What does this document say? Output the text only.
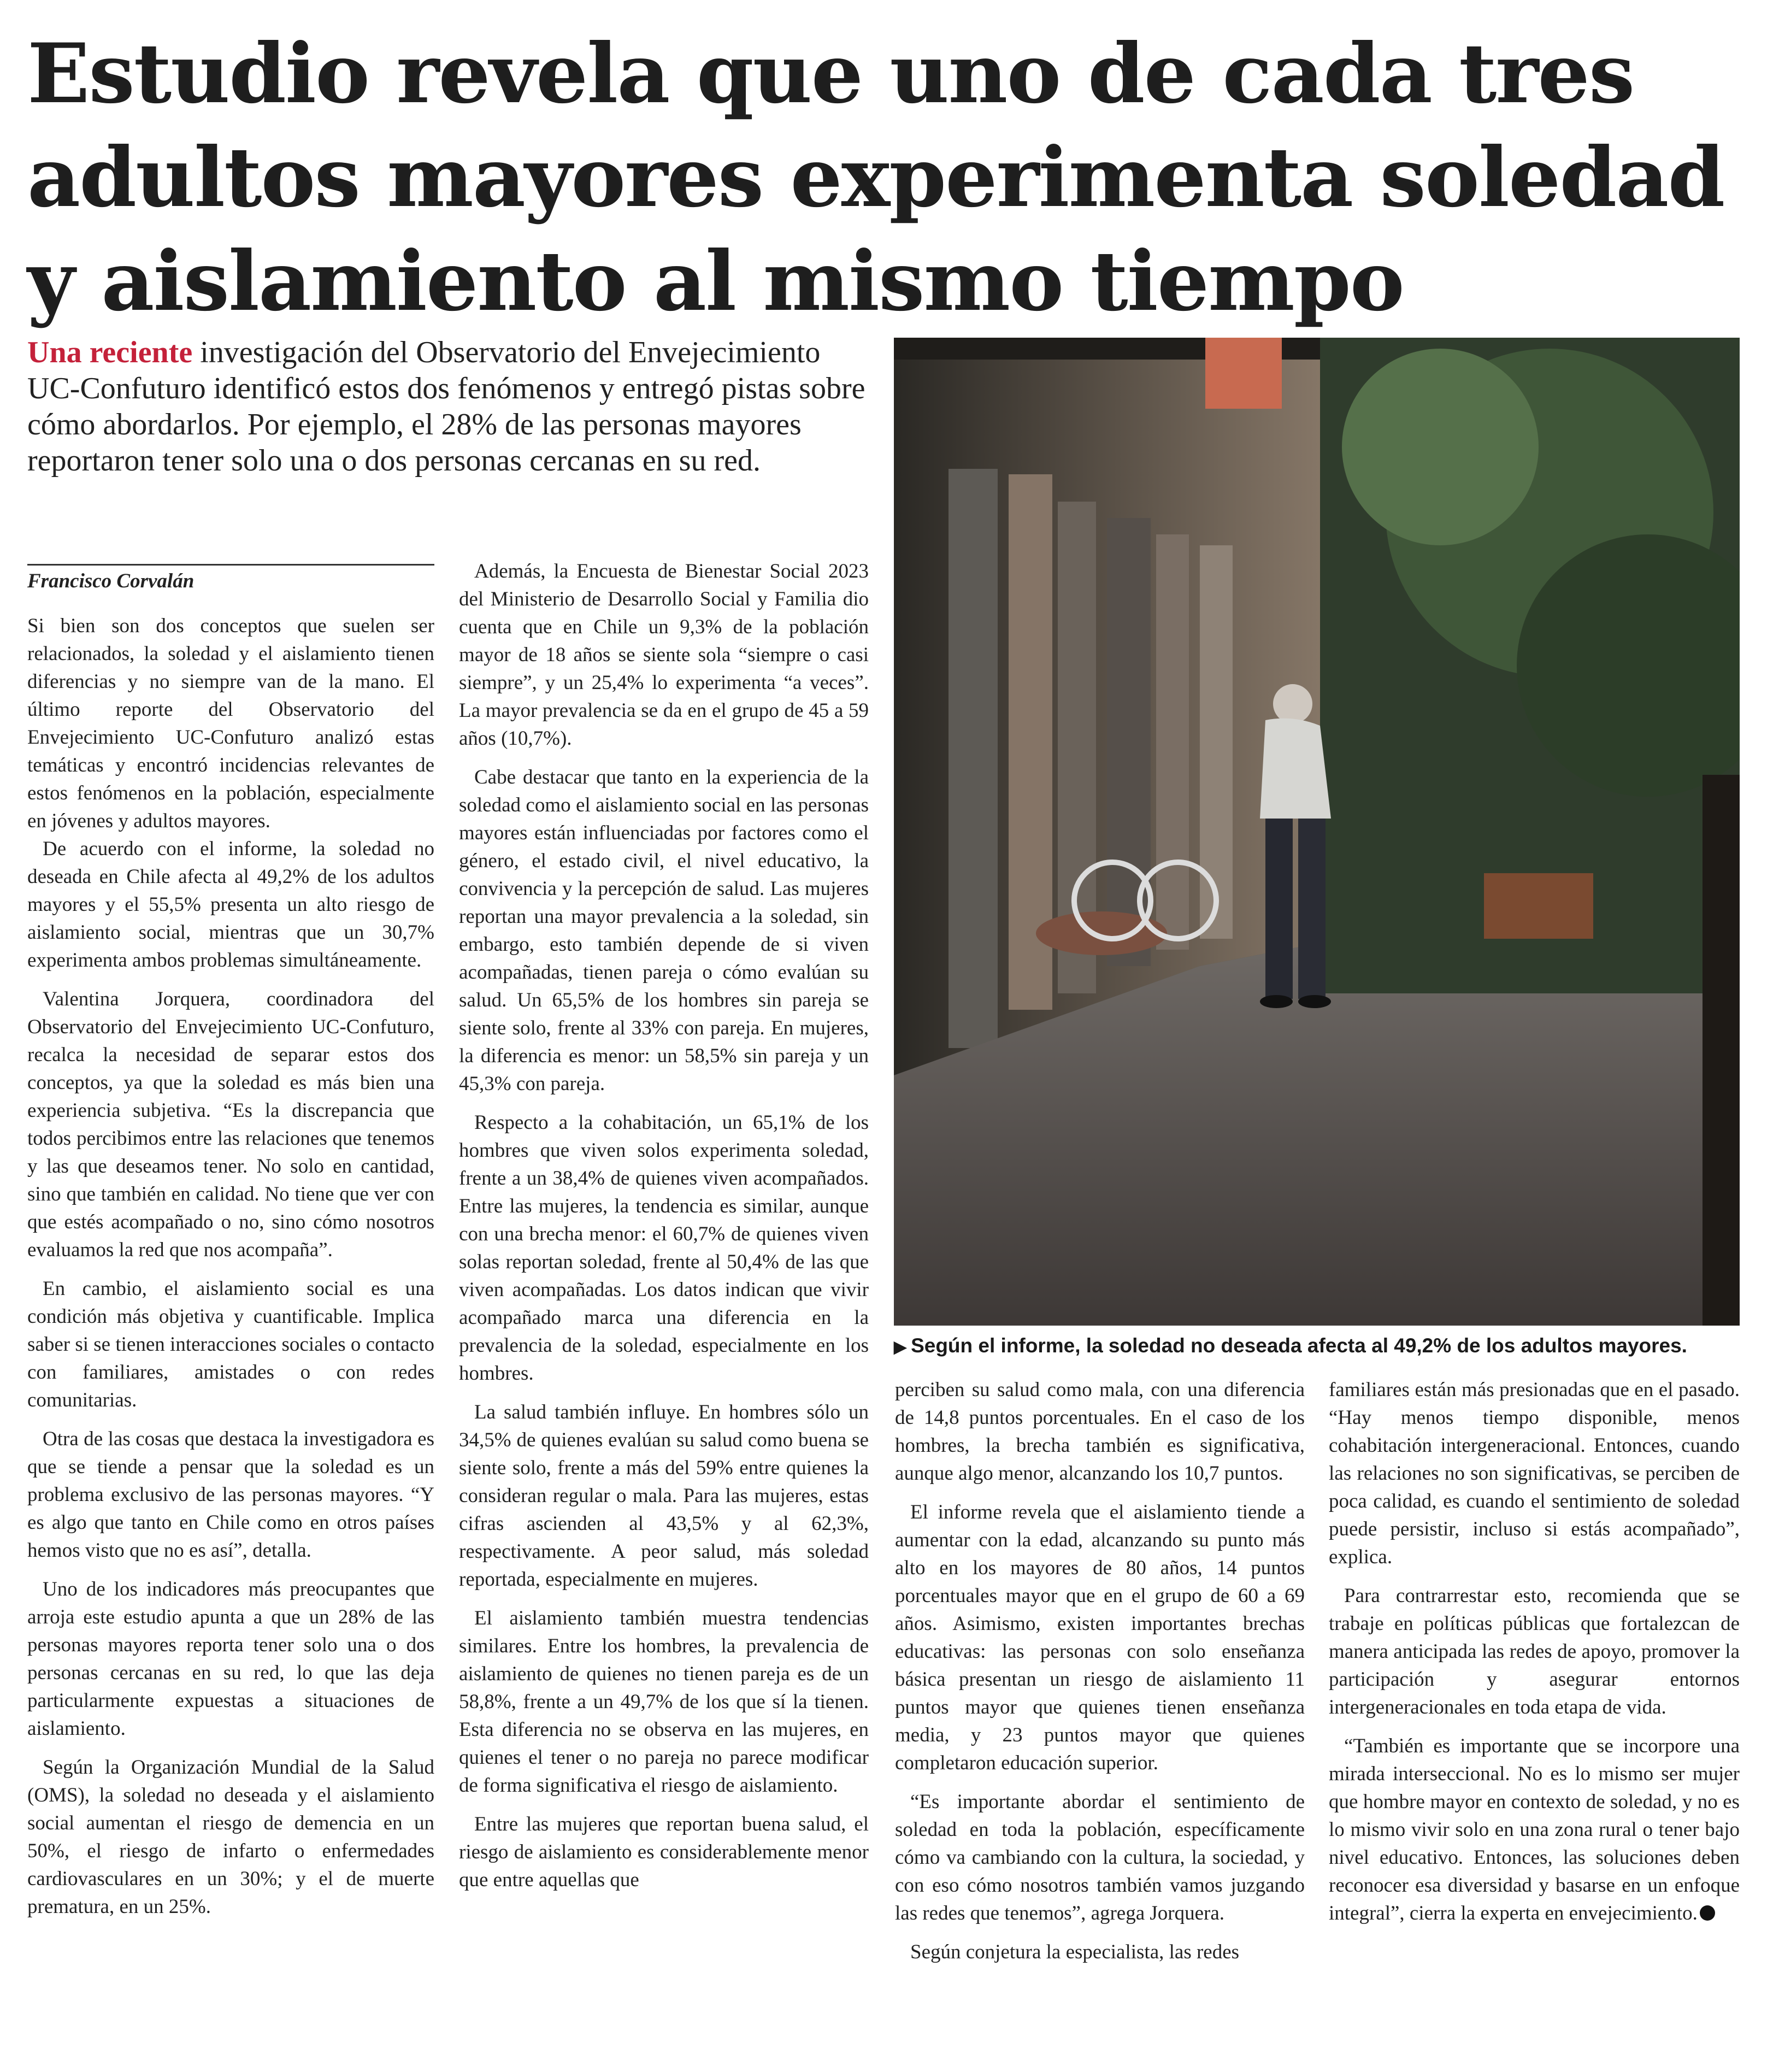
Estudio revela que uno de cada tres
adultos mayores experimenta soledad
y aislamiento al mismo tiempo

Una reciente investigación del Observatorio del Envejecimiento UC-Confuturo identificó estos dos fenómenos y entregó pistas sobre cómo abordarlos. Por ejemplo, el 28% de las personas mayores reportaron tener solo una o dos personas cercanas en su red.

Francisco Corvalán

Si bien son dos conceptos que suelen ser relacionados, la soledad y el aislamiento tienen diferencias y no siempre van de la mano. El último reporte del Observatorio del Envejecimiento UC-Confuturo analizó estas temáticas y encontró incidencias relevantes de estos fenómenos en la población, especialmente en jóvenes y adultos mayores.

De acuerdo con el informe, la soledad no deseada en Chile afecta al 49,2% de los adultos mayores y el 55,5% presenta un alto riesgo de aislamiento social, mientras que un 30,7% experimenta ambos problemas simultáneamente.

Valentina Jorquera, coordinadora del Observatorio del Envejecimiento UC-Confuturo, recalca la necesidad de separar estos dos conceptos, ya que la soledad es más bien una experiencia subjetiva. “Es la discrepancia que todos percibimos entre las relaciones que tenemos y las que deseamos tener. No solo en cantidad, sino que también en calidad. No tiene que ver con que estés acompañado o no, sino cómo nosotros evaluamos la red que nos acompaña”.

En cambio, el aislamiento social es una condición más objetiva y cuantificable. Implica saber si se tienen interacciones sociales o contacto con familiares, amistades o con redes comunitarias.

Otra de las cosas que destaca la investigadora es que se tiende a pensar que la soledad es un problema exclusivo de las personas mayores. “Y es algo que tanto en Chile como en otros países hemos visto que no es así”, detalla.

Uno de los indicadores más preocupantes que arroja este estudio apunta a que un 28% de las personas mayores reporta tener solo una o dos personas cercanas en su red, lo que las deja particularmente expuestas a situaciones de aislamiento.

Según la Organización Mundial de la Salud (OMS), la soledad no deseada y el aislamiento social aumentan el riesgo de demencia en un 50%, el riesgo de infarto o enfermedades cardiovasculares en un 30%; y el de muerte prematura, en un 25%.

Además, la Encuesta de Bienestar Social 2023 del Ministerio de Desarrollo Social y Familia dio cuenta que en Chile un 9,3% de la población mayor de 18 años se siente sola “siempre o casi siempre”, y un 25,4% lo experimenta “a veces”. La mayor prevalencia se da en el grupo de 45 a 59 años (10,7%).

Cabe destacar que tanto en la experiencia de la soledad como el aislamiento social en las personas mayores están influenciadas por factores como el género, el estado civil, el nivel educativo, la convivencia y la percepción de salud. Las mujeres reportan una mayor prevalencia a la soledad, sin embargo, esto también depende de si viven acompañadas, tienen pareja o cómo evalúan su salud. Un 65,5% de los hombres sin pareja se siente solo, frente al 33% con pareja. En mujeres, la diferencia es menor: un 58,5% sin pareja y un 45,3% con pareja.

Respecto a la cohabitación, un 65,1% de los hombres que viven solos experimenta soledad, frente a un 38,4% de quienes viven acompañados. Entre las mujeres, la tendencia es similar, aunque con una brecha menor: el 60,7% de quienes viven solas reportan soledad, frente al 50,4% de las que viven acompañadas. Los datos indican que vivir acompañado marca una diferencia en la prevalencia de la soledad, especialmente en los hombres.

La salud también influye. En hombres sólo un 34,5% de quienes evalúan su salud como buena se siente solo, frente a más del 59% entre quienes la consideran regular o mala. Para las mujeres, estas cifras ascienden al 43,5% y al 62,3%, respectivamente. A peor salud, más soledad reportada, especialmente en mujeres.

El aislamiento también muestra tendencias similares. Entre los hombres, la prevalencia de aislamiento de quienes no tienen pareja es de un 58,8%, frente a un 49,7% de los que sí la tienen. Esta diferencia no se observa en las mujeres, en quienes el tener o no pareja no parece modificar de forma significativa el riesgo de aislamiento.

Entre las mujeres que reportan buena salud, el riesgo de aislamiento es considerablemente menor que entre aquellas que

▶ Según el informe, la soledad no deseada afecta al 49,2% de los adultos mayores.

perciben su salud como mala, con una diferencia de 14,8 puntos porcentuales. En el caso de los hombres, la brecha también es significativa, aunque algo menor, alcanzando los 10,7 puntos.

El informe revela que el aislamiento tiende a aumentar con la edad, alcanzando su punto más alto en los mayores de 80 años, 14 puntos porcentuales mayor que en el grupo de 60 a 69 años. Asimismo, existen importantes brechas educativas: las personas con solo enseñanza básica presentan un riesgo de aislamiento 11 puntos mayor que quienes tienen enseñanza media, y 23 puntos mayor que quienes completaron educación superior.

“Es importante abordar el sentimiento de soledad en toda la población, específicamente cómo va cambiando con la cultura, la sociedad, y con eso cómo nosotros también vamos juzgando las redes que tenemos”, agrega Jorquera.

Según conjetura la especialista, las redes

familiares están más presionadas que en el pasado. “Hay menos tiempo disponible, menos cohabitación intergeneracional. Entonces, cuando las relaciones no son significativas, se perciben de poca calidad, es cuando el sentimiento de soledad puede persistir, incluso si estás acompañado”, explica.

Para contrarrestar esto, recomienda que se trabaje en políticas públicas que fortalezcan de manera anticipada las redes de apoyo, promover la participación y asegurar entornos intergeneracionales en toda etapa de vida.

“También es importante que se incorpore una mirada interseccional. No es lo mismo ser mujer que hombre mayor en contexto de soledad, y no es lo mismo vivir solo en una zona rural o tener bajo nivel educativo. Entonces, las soluciones deben reconocer esa diversidad y basarse en un enfoque integral”, cierra la experta en envejecimiento.
